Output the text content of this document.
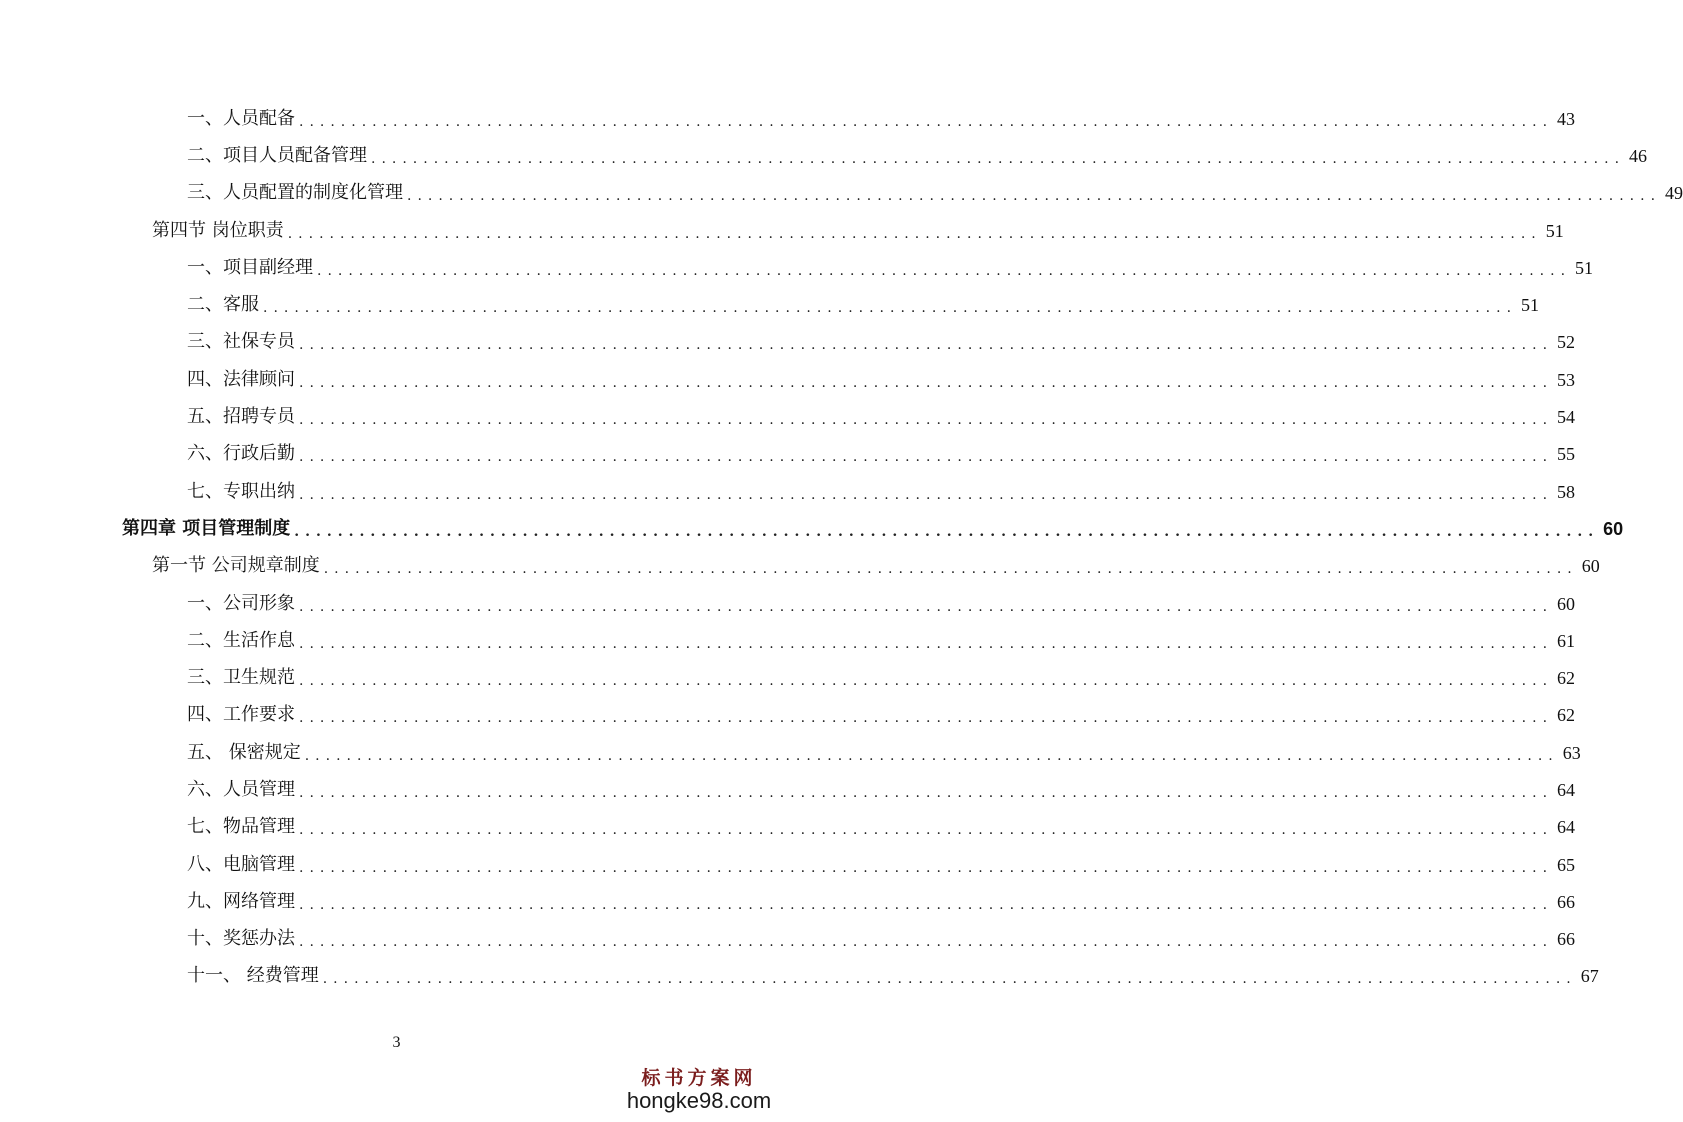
一、人员配备 ........................................................................................................................ 43
二、项目人员配备管理 ........................................................................................................................ 46
三、人员配置的制度化管理 ........................................................................................................................ 49
第四节 岗位职责 ........................................................................................................................ 51
一、项目副经理 ........................................................................................................................ 51
二、客服 ........................................................................................................................ 51
三、社保专员 ........................................................................................................................ 52
四、法律顾问 ........................................................................................................................ 53
五、招聘专员 ........................................................................................................................ 54
六、行政后勤 ........................................................................................................................ 55
七、专职出纳 ........................................................................................................................ 58
第四章 项目管理制度 ........................................................................................................................ 60
第一节 公司规章制度 ........................................................................................................................ 60
一、公司形象 ........................................................................................................................ 60
二、生活作息 ........................................................................................................................ 61
三、卫生规范 ........................................................................................................................ 62
四、工作要求 ........................................................................................................................ 62
五、 保密规定 ........................................................................................................................ 63
六、人员管理 ........................................................................................................................ 64
七、物品管理 ........................................................................................................................ 64
八、电脑管理 ........................................................................................................................ 65
九、网络管理 ........................................................................................................................ 66
十、奖惩办法 ........................................................................................................................ 66
十一、 经费管理 ........................................................................................................................ 67
3
标书方案网
hongke98.com
